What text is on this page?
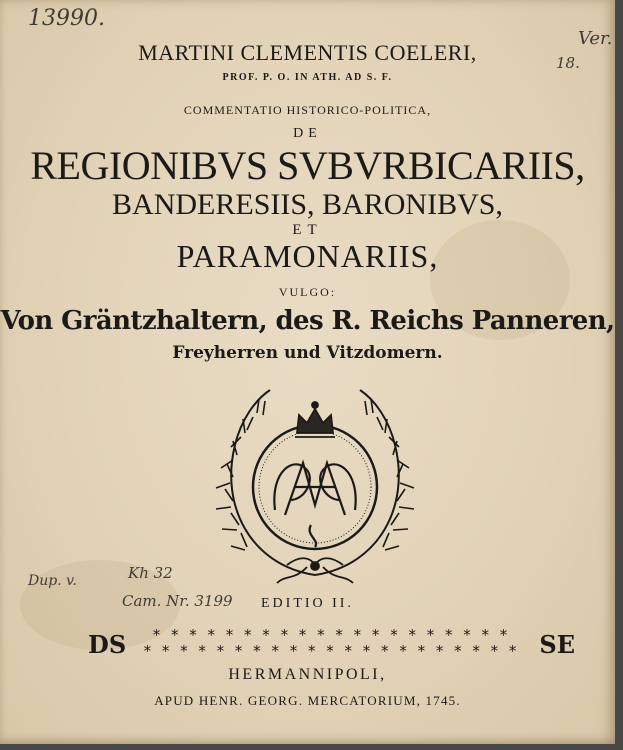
13990.
Ver.
18.
Dup. v.	Kh 32
Cam. Nr. 3199
MARTINI CLEMENTIS COELERI,
PROF. P. O. IN ATH. AD S. F.
COMMENTATIO HISTORICO-POLITICA,
DE
REGIONIBVS SVBVRBICARIIS,
BANDERESIIS, BARONIBVS,
ET
PARAMONARIIS,
VULGO:
Von Gräntzhaltern, des R. Reichs Panneren,
Freyherren und Vitzdomern.
EDITIO II.
DS	* * * * * * * * * * * * * * * * * * * *
* * * * * * * * * * * * * * * * * * * * * SE
HERMANNIPOLI,
APUD HENR. GEORG. MERCATORIUM, 1745.
